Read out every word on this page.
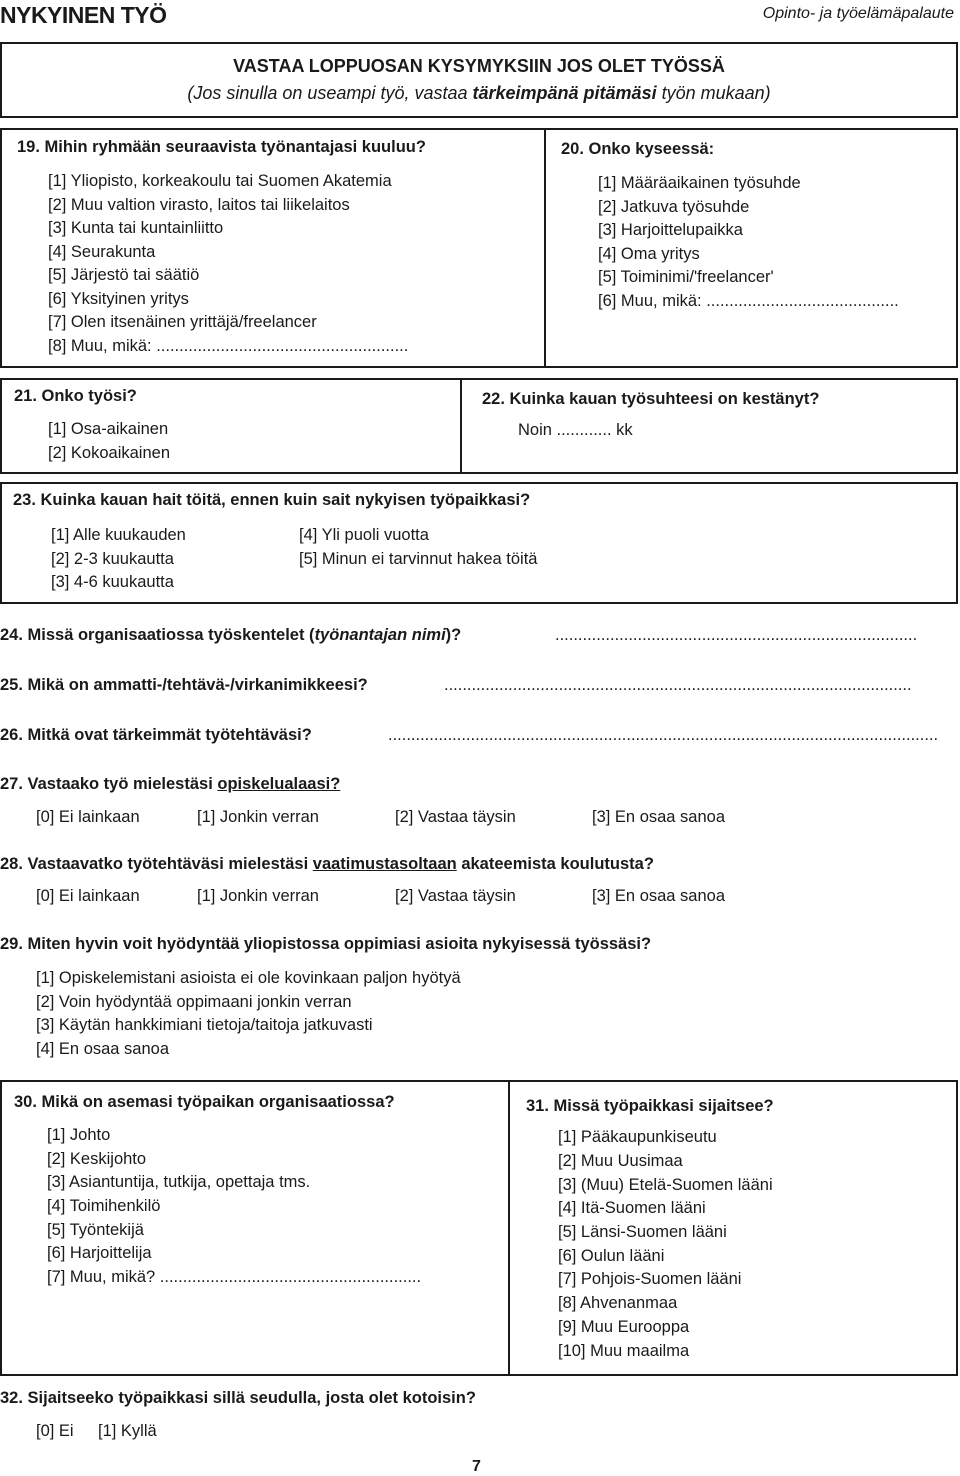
NYKYINEN TYÖ	Opinto- ja työelämäpalaute
VASTAA LOPPUOSAN KYSYMYKSIIN JOS OLET TYÖSSÄ
(Jos sinulla on useampi työ, vastaa tärkeimpänä pitämäsi työn mukaan)
19. Mihin ryhmään seuraavista työnantajasi kuuluu?
[1] Yliopisto, korkeakoulu tai Suomen Akatemia
[2] Muu valtion virasto, laitos tai liikelaitos
[3] Kunta tai kuntainliitto
[4] Seurakunta
[5] Järjestö tai säätiö
[6] Yksityinen yritys
[7] Olen itsenäinen yrittäjä/freelancer
[8] Muu, mikä: .......................................................
20. Onko kyseessä:
[1] Määräaikainen työsuhde
[2] Jatkuva työsuhde
[3] Harjoittelupaikka
[4] Oma yritys
[5] Toiminimi/'freelancer'
[6] Muu, mikä: ..........................................
21. Onko työsi?
[1] Osa-aikainen
[2] Kokoaikainen
22. Kuinka kauan työsuhteesi on kestänyt?
Noin ............ kk
23. Kuinka kauan hait töitä, ennen kuin sait nykyisen työpaikkasi?
[1] Alle kuukauden
[2] 2-3 kuukautta
[3] 4-6 kuukautta
[4] Yli puoli vuotta
[5] Minun ei tarvinnut hakea töitä
24. Missä organisaatiossa työskentelet (työnantajan nimi)?	...............................................................................
25. Mikä on ammatti-/tehtävä-/virkanimikkeesi?	......................................................................................................
26. Mitkä ovat tärkeimmät työtehtäväsi?	........................................................................................................................
27. Vastaako työ mielestäsi opiskelualaasi?
[0] Ei lainkaan	[1] Jonkin verran	[2] Vastaa täysin	[3] En osaa sanoa
28. Vastaavatko työtehtäväsi mielestäsi vaatimustasoltaan akateemista koulutusta?
[0] Ei lainkaan	[1] Jonkin verran	[2] Vastaa täysin	[3] En osaa sanoa
29. Miten hyvin voit hyödyntää yliopistossa oppimiasi asioita nykyisessä työssäsi?
[1] Opiskelemistani asioista ei ole kovinkaan paljon hyötyä
[2] Voin hyödyntää oppimaani jonkin verran
[3] Käytän hankkimiani tietoja/taitoja jatkuvasti
[4] En osaa sanoa
30. Mikä on asemasi työpaikan organisaatiossa?
[1] Johto
[2] Keskijohto
[3] Asiantuntija, tutkija, opettaja tms.
[4] Toimihenkilö
[5] Työntekijä
[6] Harjoittelija
[7] Muu, mikä? .........................................................
31. Missä työpaikkasi sijaitsee?
[1] Pääkaupunkiseutu
[2] Muu Uusimaa
[3] (Muu) Etelä-Suomen lääni
[4] Itä-Suomen lääni
[5] Länsi-Suomen lääni
[6] Oulun lääni
[7] Pohjois-Suomen lääni
[8] Ahvenanmaa
[9] Muu Eurooppa
[10] Muu maailma
32. Sijaitseeko työpaikkasi sillä seudulla, josta olet kotoisin?
[0] Ei [1] Kyllä
7
